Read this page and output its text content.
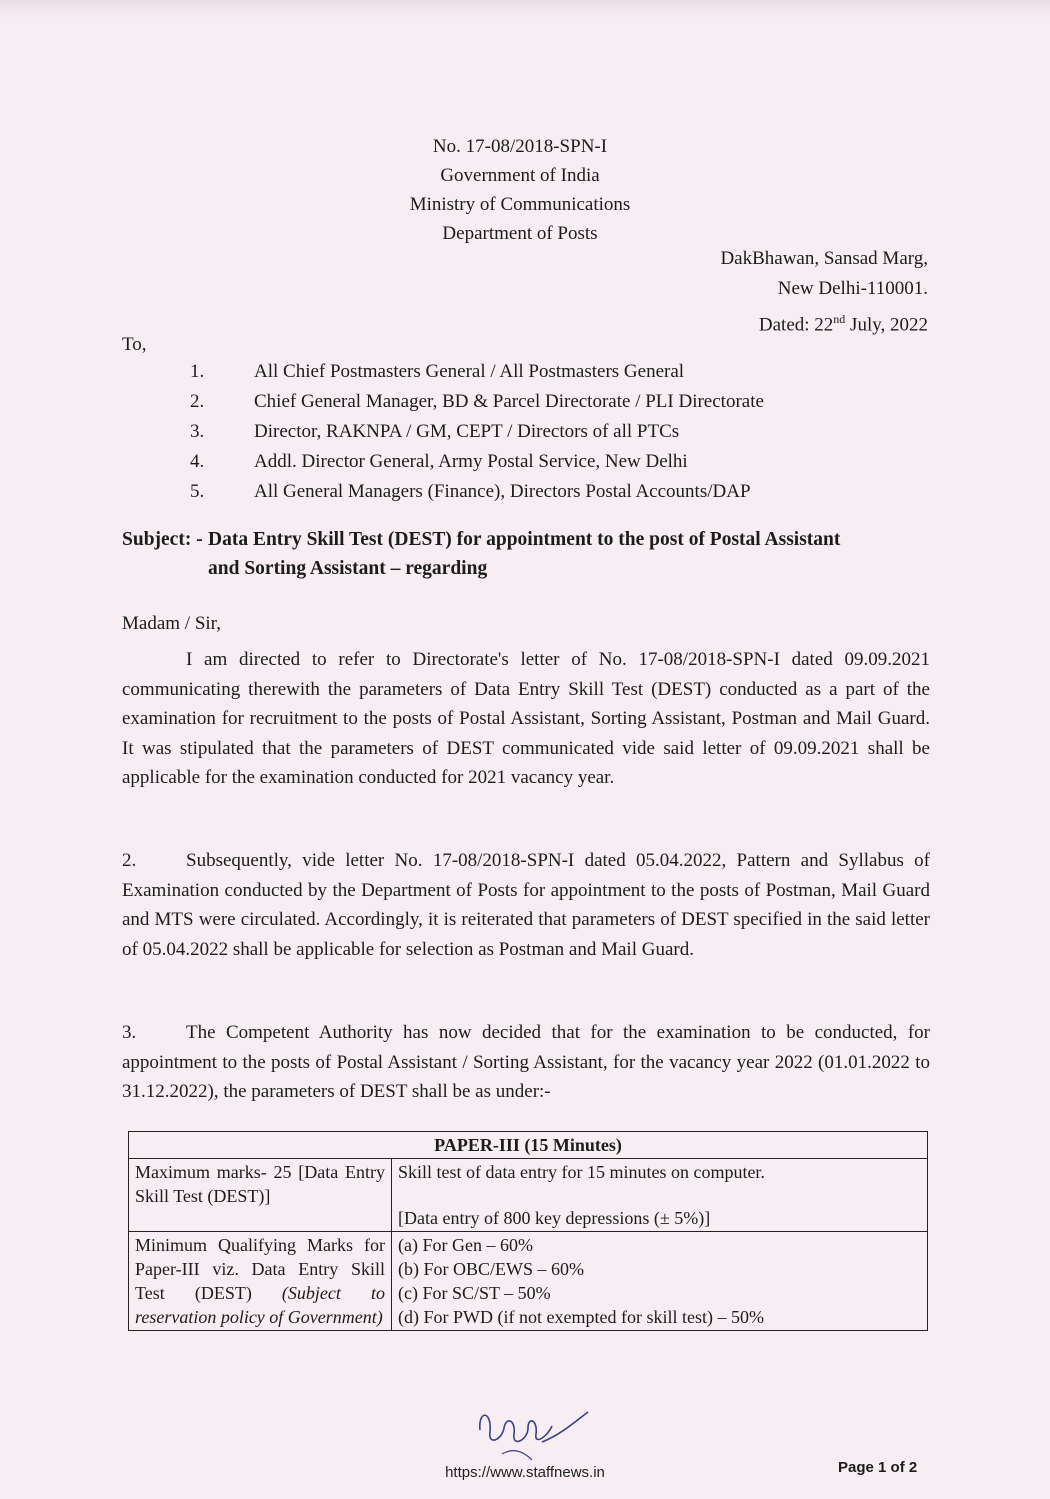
No. 17-08/2018-SPN-I
Government of India
Ministry of Communications
Department of Posts
DakBhawan, Sansad Marg,
New Delhi-110001.
Dated: 22nd July, 2022
To,
1.	All Chief Postmasters General / All Postmasters General
2.	Chief General Manager, BD & Parcel Directorate / PLI Directorate
3.	Director, RAKNPA / GM, CEPT / Directors of all PTCs
4.	Addl. Director General, Army Postal Service, New Delhi
5.	All General Managers (Finance), Directors Postal Accounts/DAP
Subject: - Data Entry Skill Test (DEST) for appointment to the post of Postal Assistant
and Sorting Assistant – regarding
Madam / Sir,
I am directed to refer to Directorate's letter of No. 17-08/2018-SPN-I dated 09.09.2021 communicating therewith the parameters of Data Entry Skill Test (DEST) conducted as a part of the examination for recruitment to the posts of Postal Assistant, Sorting Assistant, Postman and Mail Guard. It was stipulated that the parameters of DEST communicated vide said letter of 09.09.2021 shall be applicable for the examination conducted for 2021 vacancy year.
2.	Subsequently, vide letter No. 17-08/2018-SPN-I dated 05.04.2022, Pattern and Syllabus of Examination conducted by the Department of Posts for appointment to the posts of Postman, Mail Guard and MTS were circulated. Accordingly, it is reiterated that parameters of DEST specified in the said letter of 05.04.2022 shall be applicable for selection as Postman and Mail Guard.
3.	The Competent Authority has now decided that for the examination to be conducted, for appointment to the posts of Postal Assistant / Sorting Assistant, for the vacancy year 2022 (01.01.2022 to 31.12.2022), the parameters of DEST shall be as under:-
PAPER-III (15 Minutes)	
Maximum marks- 25 [Data Entry Skill Test (DEST)]	Skill test of data entry for 15 minutes on computer.
[Data entry of 800 key depressions (± 5%)]

Minimum Qualifying Marks for Paper-III viz. Data Entry Skill Test (DEST) (Subject to reservation policy of Government)	(a) For Gen – 60%
(b) For OBC/EWS – 60%
(c) For SC/ST – 50%
(d) For PWD (if not exempted for skill test) – 50%
Page 1 of 2
https://www.staffnews.in
